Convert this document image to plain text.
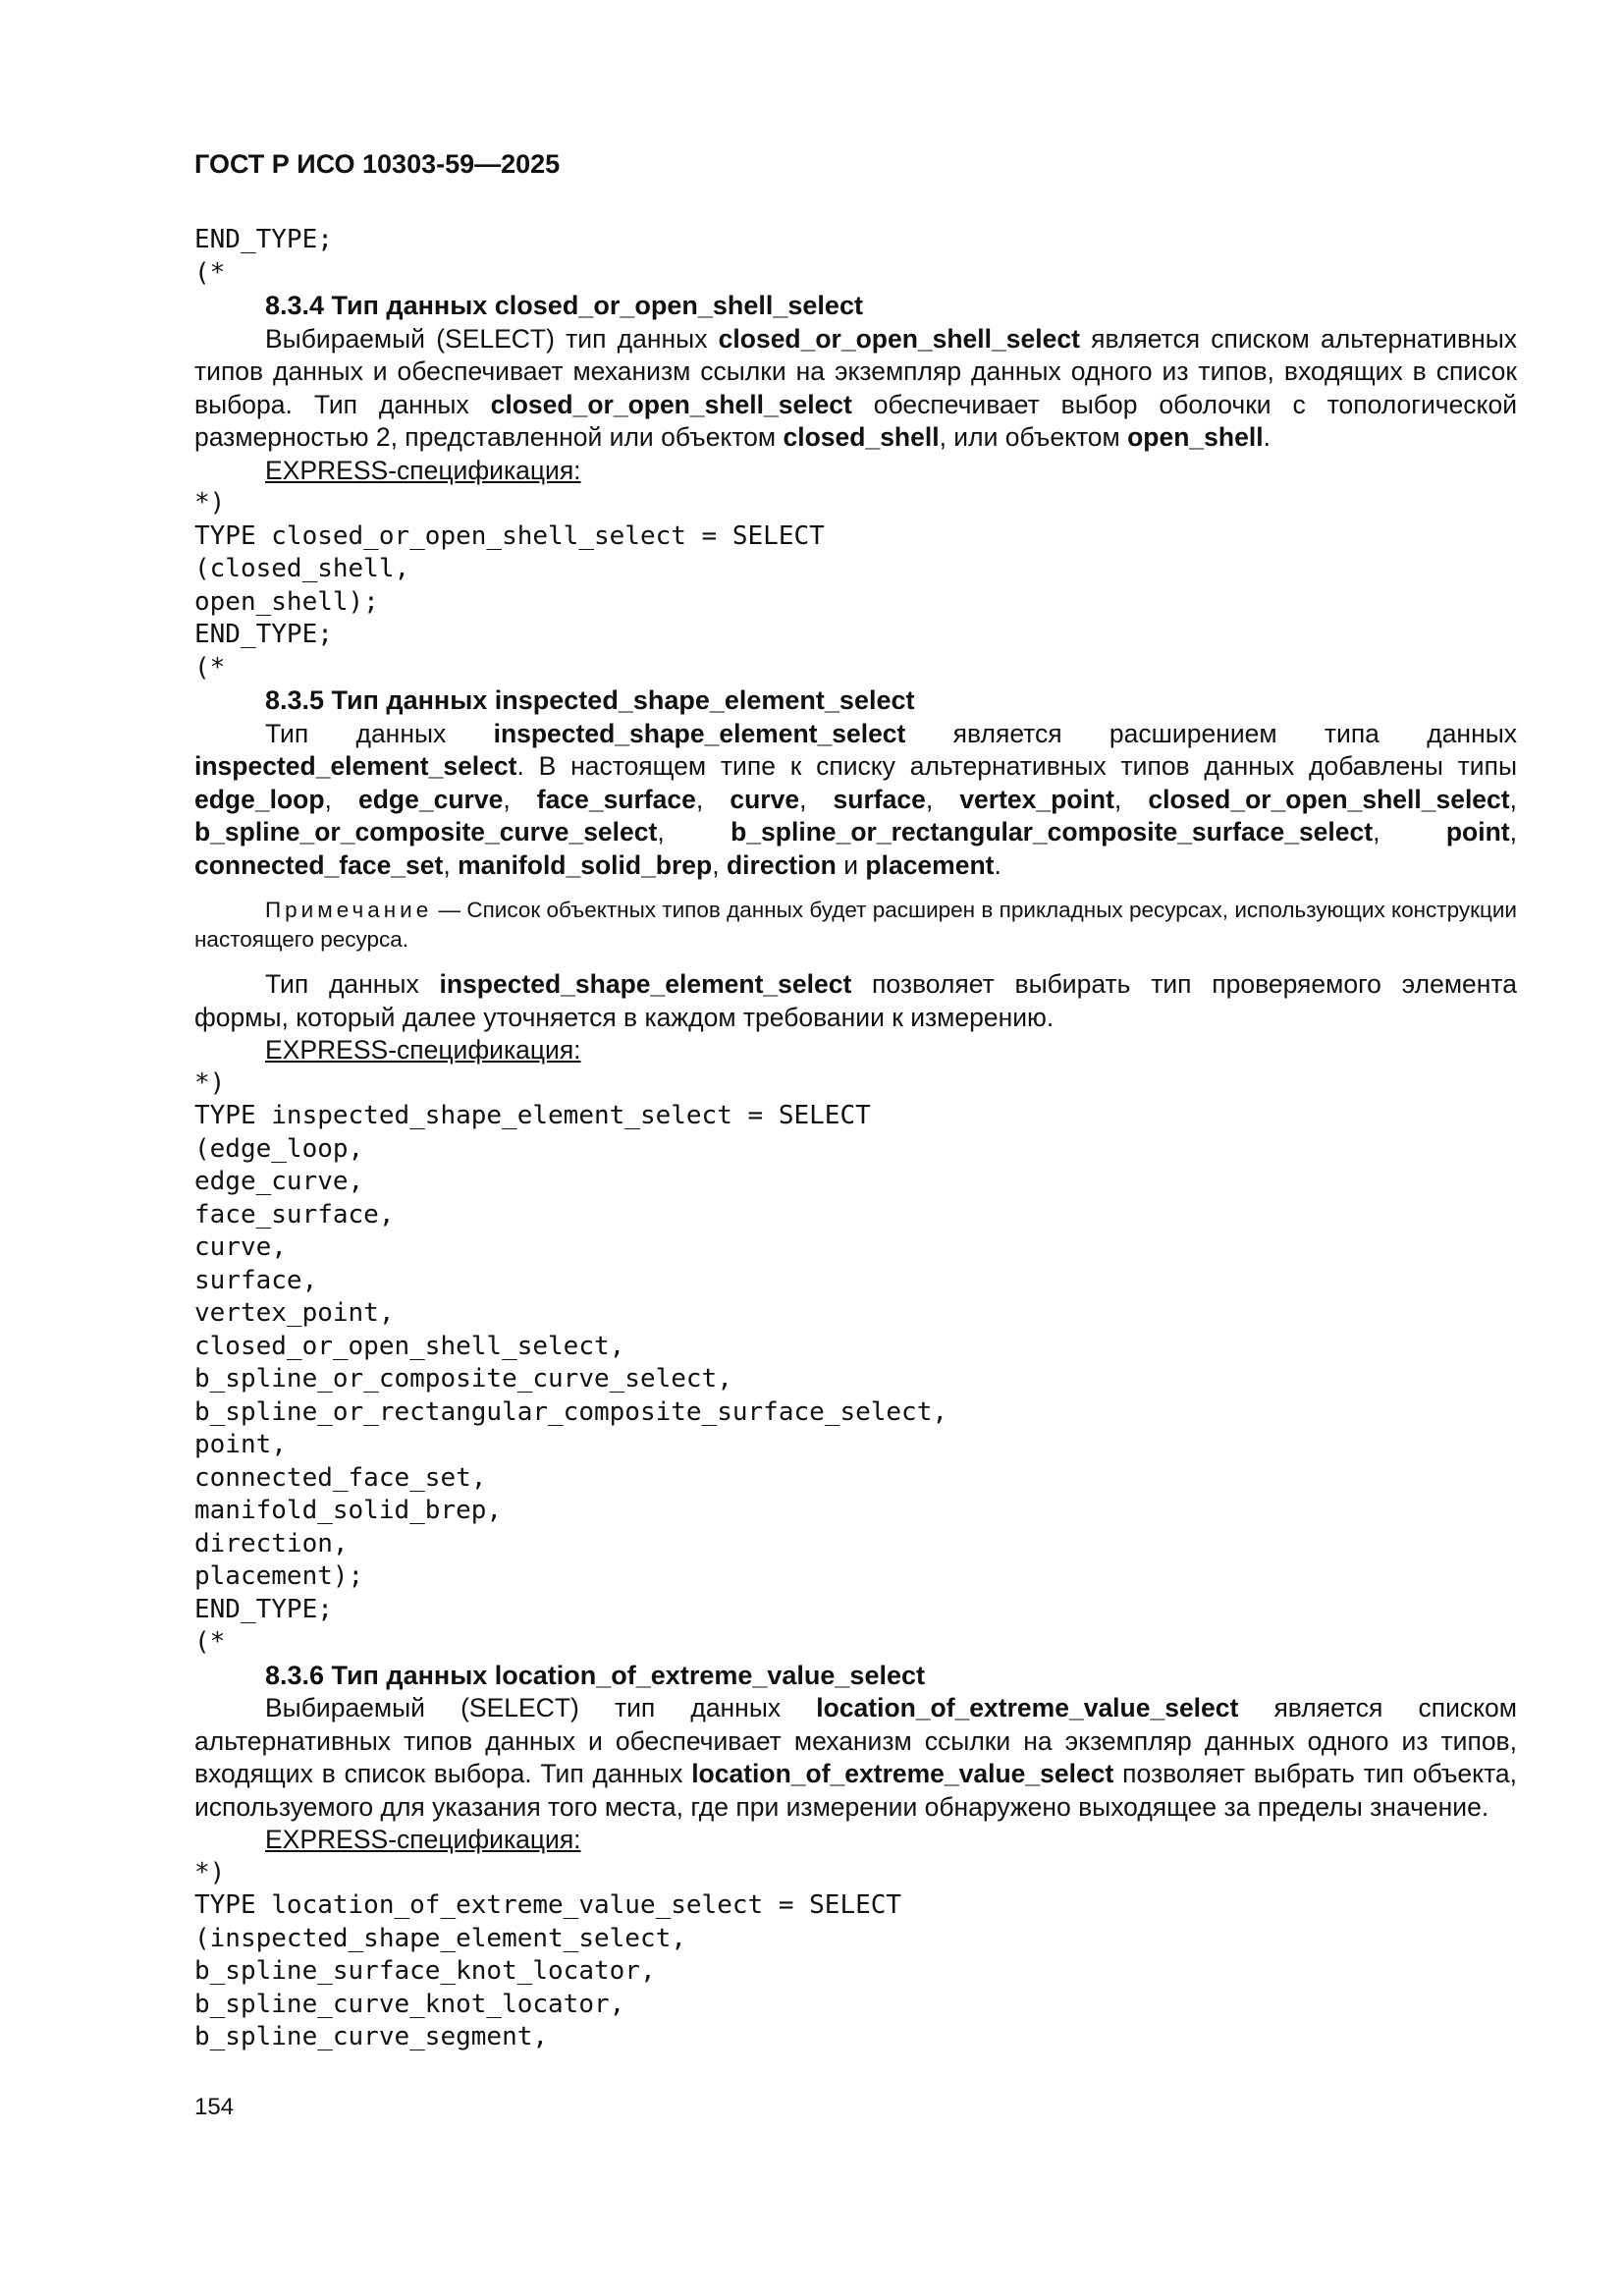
ГОСТ Р ИСО 10303-59—2025
END_TYPE;
(*
8.3.4 Тип данных closed_or_open_shell_select

Выбираемый (SELECT) тип данных closed_or_open_shell_select является списком альтернативных типов данных и обеспечивает механизм ссылки на экземпляр данных одного из типов, входящих в список выбора. Тип данных closed_or_open_shell_select обеспечивает выбор оболочки с топологической размерностью 2, представленной или объектом closed_shell, или объектом open_shell.

EXPRESS-спецификация:
*)
TYPE closed_or_open_shell_select = SELECT
(closed_shell,
open_shell);
END_TYPE;
(*
8.3.5 Тип данных inspected_shape_element_select

Тип данных inspected_shape_element_select является расширением типа данных inspected_element_select. В настоящем типе к списку альтернативных типов данных добавлены типы edge_loop, edge_curve, face_surface, curve, surface, vertex_point, closed_or_open_shell_select, b_spline_or_composite_curve_select, b_spline_or_rectangular_composite_surface_select, point, connected_face_set, manifold_solid_brep, direction и placement.

Примечание — Список объектных типов данных будет расширен в прикладных ресурсах, использующих конструкции настоящего ресурса.

Тип данных inspected_shape_element_select позволяет выбирать тип проверяемого элемента формы, который далее уточняется в каждом требовании к измерению.

EXPRESS-спецификация:
*)
TYPE inspected_shape_element_select = SELECT
(edge_loop,
edge_curve,
face_surface,
curve,
surface,
vertex_point,
closed_or_open_shell_select,
b_spline_or_composite_curve_select,
b_spline_or_rectangular_composite_surface_select,
point,
connected_face_set,
manifold_solid_brep,
direction,
placement);
END_TYPE;
(*
8.3.6 Тип данных location_of_extreme_value_select

Выбираемый (SELECT) тип данных location_of_extreme_value_select является списком альтернативных типов данных и обеспечивает механизм ссылки на экземпляр данных одного из типов, входящих в список выбора. Тип данных location_of_extreme_value_select позволяет выбрать тип объекта, используемого для указания того места, где при измерении обнаружено выходящее за пределы значение.

EXPRESS-спецификация:
*)
TYPE location_of_extreme_value_select = SELECT
(inspected_shape_element_select,
b_spline_surface_knot_locator,
b_spline_curve_knot_locator,
b_spline_curve_segment,
154
